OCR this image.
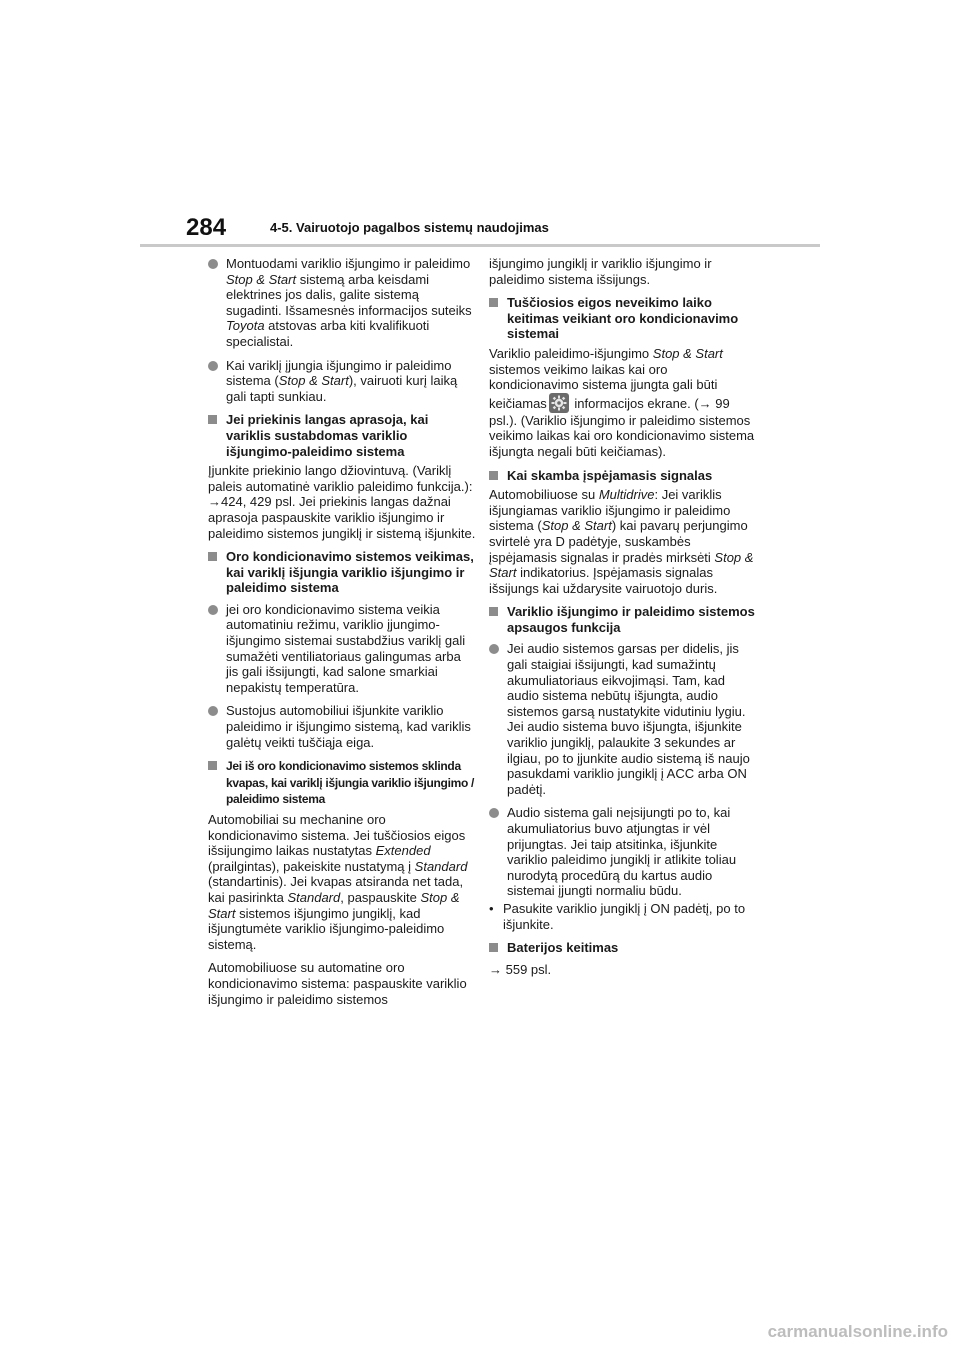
284	4-5. Vairuotojo pagalbos sistemų naudojimas
Montuodami variklio išjungimo ir paleidimo Stop & Start sistemą arba keisdami elektrines jos dalis, galite sistemą sugadinti. Išsamesnės informacijos suteiks Toyota atstovas arba kiti kvalifikuoti specialistai.
Kai variklį įjungia išjungimo ir paleidimo sistema (Stop & Start), vairuoti kurį laiką gali tapti sunkiau.
Jei priekinis langas aprasoja, kai variklis sustabdomas variklio išjungimo-paleidimo sistema
Įjunkite priekinio lango džiovintuvą. (Variklį paleis automatinė variklio paleidimo funkcija.): →424, 429 psl. Jei priekinis langas dažnai aprasoja paspauskite variklio išjungimo ir paleidimo sistemos jungiklį ir sistemą išjunkite.
Oro kondicionavimo sistemos veikimas, kai variklį išjungia variklio išjungimo ir paleidimo sistema
jei oro kondicionavimo sistema veikia automatiniu režimu, variklio įjungimo-išjungimo sistemai sustabdžius variklį gali sumažėti ventiliatoriaus galingumas arba jis gali išsijungti, kad salone smarkiai nepakistų temperatūra.
Sustojus automobiliui išjunkite variklio paleidimo ir išjungimo sistemą, kad variklis galėtų veikti tuščiąja eiga.
Jei iš oro kondicionavimo sistemos sklinda kvapas, kai variklį išjungia variklio išjungimo / paleidimo sistema
Automobiliai su mechanine oro kondicionavimo sistema. Jei tuščiosios eigos išsijungimo laikas nustatytas Extended (prailgintas), pakeiskite nustatymą į Standard (standartinis). Jei kvapas atsiranda net tada, kai pasirinkta Standard, paspauskite Stop & Start sistemos išjungimo jungiklį, kad išjungtumėte variklio išjungimo-paleidimo sistemą.
Automobiliuose su automatine oro kondicionavimo sistema: paspauskite variklio išjungimo ir paleidimo sistemos
išjungimo jungiklį ir variklio išjungimo ir paleidimo sistema išsijungs.
Tuščiosios eigos neveikimo laiko keitimas veikiant oro kondicionavimo sistemai
Variklio paleidimo-išjungimo Stop & Start sistemos veikimo laikas kai oro kondicionavimo sistema įjungta gali būti keičiamas
informacijos ekrane. (→ 99 psl.). (Variklio išjungimo ir paleidimo sistemos veikimo laikas kai oro kondicionavimo sistema išjungta negali būti keičiamas).
Kai skamba įspėjamasis signalas
Automobiliuose su Multidrive: Jei variklis išjungiamas variklio išjungimo ir paleidimo sistema (Stop & Start) kai pavarų perjungimo svirtelė yra D padėtyje, suskambės įspėjamasis signalas ir pradės mirksėti Stop & Start indikatorius. Įspėjamasis signalas išsijungs kai uždarysite vairuotojo duris.
Variklio išjungimo ir paleidimo sistemos apsaugos funkcija
Jei audio sistemos garsas per didelis, jis gali staigiai išsijungti, kad sumažintų akumuliatoriaus eikvojimąsi. Tam, kad audio sistema nebūtų išjungta, audio sistemos garsą nustatykite vidutiniu lygiu. Jei audio sistema buvo išjungta, išjunkite variklio jungiklį, palaukite 3 sekundes ar ilgiau, po to įjunkite audio sistemą iš naujo pasukdami variklio jungiklį į ACC arba ON padėtį.
Audio sistema gali neįsijungti po to, kai akumuliatorius buvo atjungtas ir vėl prijungtas. Jei taip atsitinka, išjunkite variklio paleidimo jungiklį ir atlikite toliau nurodytą procedūrą du kartus audio sistemai įjungti normaliu būdu.
• Pasukite variklio jungiklį į ON padėtį, po to išjunkite.
Baterijos keitimas
→ 559 psl.
carmanualsonline.info
